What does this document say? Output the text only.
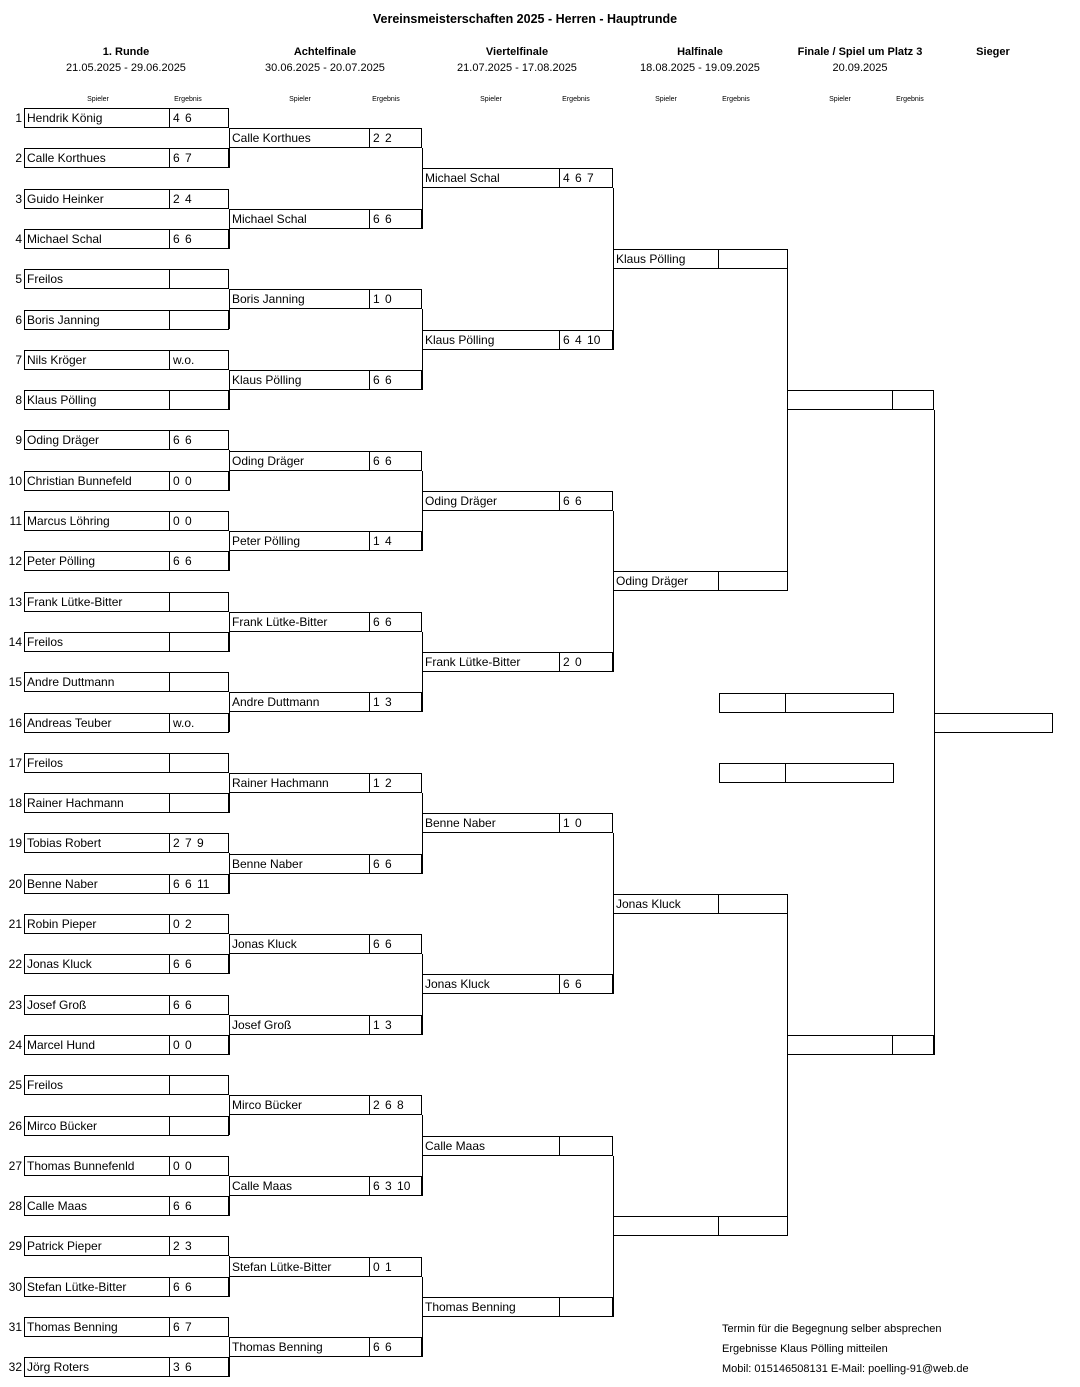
Vereinsmeisterschaften 2025 - Herren - Hauptrunde
1. Runde
21.05.2025 - 29.06.2025
Achtelfinale
30.06.2025 - 20.07.2025
Viertelfinale
21.07.2025 - 17.08.2025
Halfinale
18.08.2025 - 19.09.2025
Finale / Spiel um Platz 3
20.09.2025
Sieger
Spieler	Ergebnis	Spieler	Ergebnis	Spieler	Ergebnis	Spieler	Ergebnis	Spieler	Ergebnis
1 Hendrik König	4 6
2 Calle Korthues	6 7
3 Guido Heinker	2 4
4 Michael Schal	6 6
5 Freilos
6 Boris Janning
7 Nils Kröger	w.o.
8 Klaus Pölling
9 Oding Dräger	6 6
10 Christian Bunnefeld	0 0
11 Marcus Löhring	0 0
12 Peter Pölling	6 6
13 Frank Lütke-Bitter
14 Freilos
15 Andre Duttmann
16 Andreas Teuber	w.o.
17 Freilos
18 Rainer Hachmann
19 Tobias Robert	2 7 9
20 Benne Naber	6 6 11
21 Robin Pieper	0 2
22 Jonas Kluck	6 6
23 Josef Groß	6 6
24 Marcel Hund	0 0
25 Freilos
26 Mirco Bücker
27 Thomas Bunnefenld	0 0
28 Calle Maas	6 6
29 Patrick Pieper	2 3
30 Stefan Lütke-Bitter	6 6
31 Thomas Benning	6 7
32 Jörg Roters	3 6
Calle Korthues	2 2
Michael Schal	6 6
Boris Janning	1 0
Klaus Pölling	6 6
Oding Dräger	6 6
Peter Pölling	1 4
Frank Lütke-Bitter	6 6
Andre Duttmann	1 3
Rainer Hachmann	1 2
Benne Naber	6 6
Jonas Kluck	6 6
Josef Groß	1 3
Mirco Bücker	2 6 8
Calle Maas	6 3 10
Stefan Lütke-Bitter	0 1
Thomas Benning	6 6
Michael Schal	4 6 7
Klaus Pölling	6 4 10
Oding Dräger	6 6
Frank Lütke-Bitter	2 0
Benne Naber	1 0
Jonas Kluck	6 6
Calle Maas
Thomas Benning
Klaus Pölling
Oding Dräger
Jonas Kluck
Termin für die Begegnung selber absprechen
Ergebnisse Klaus Pölling mitteilen
Mobil: 015146508131 E-Mail: poelling-91@web.de
